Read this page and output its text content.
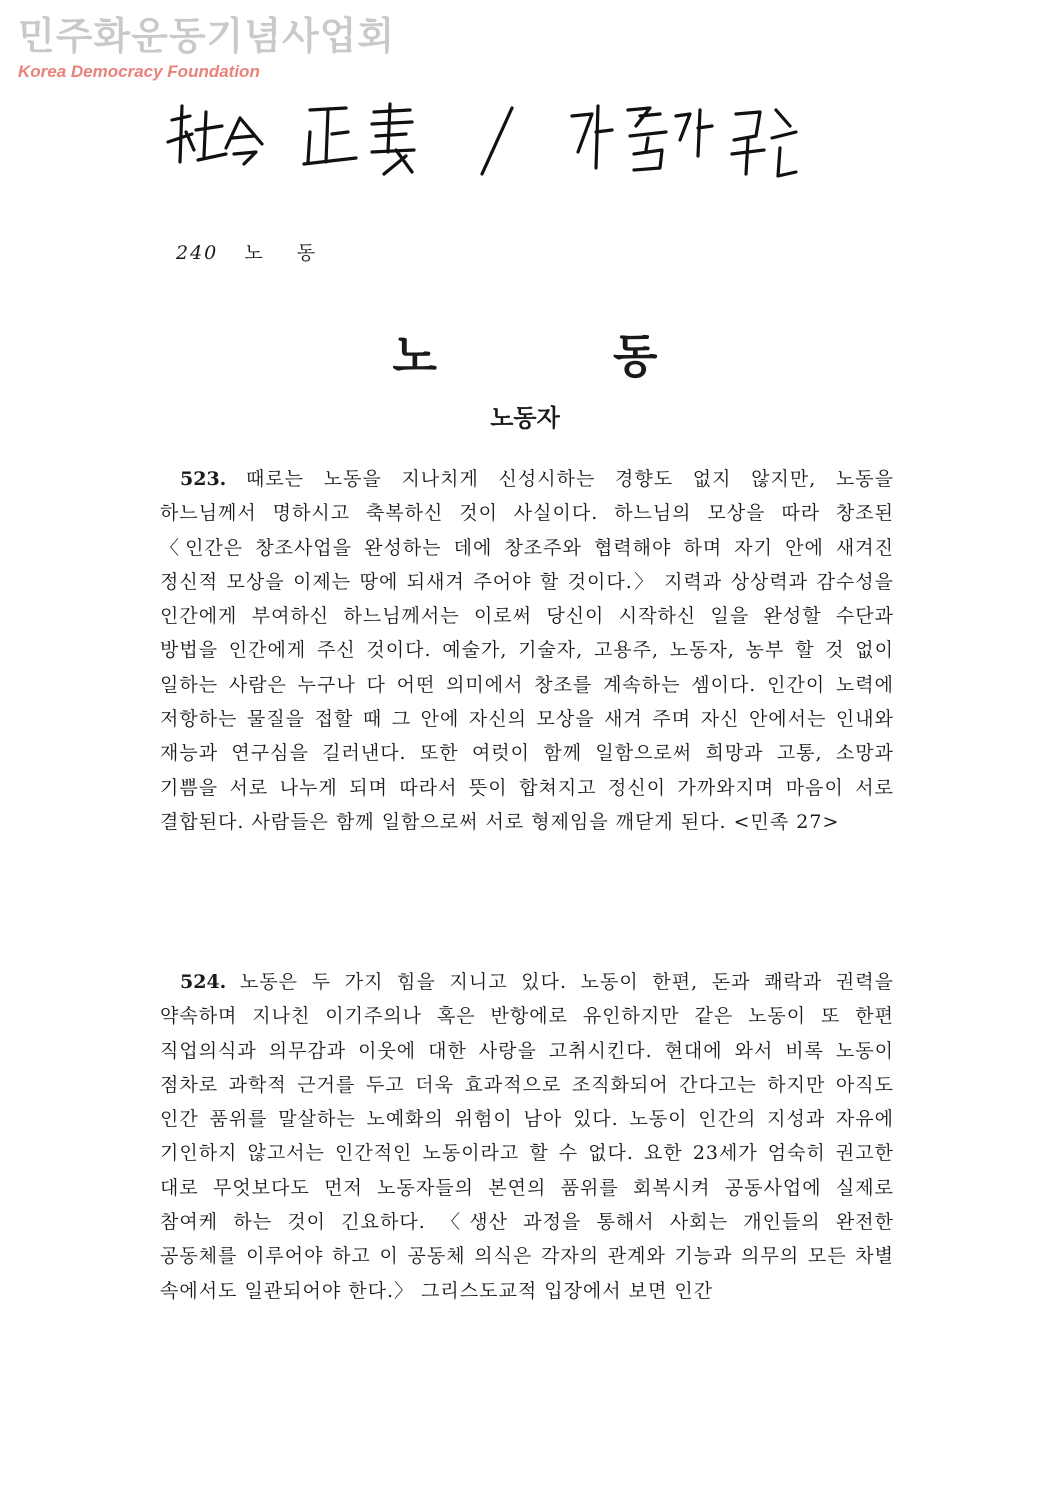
민주화운동기념사업회
Korea Democracy Foundation
240 노 동
노 동
노동자
523. 때로는 노동을 지나치게 신성시하는 경향도 없지 않지만, 노동을 하느님께서 명하시고 축복하신 것이 사실이다. 하느님의 모상을 따라 창조된 〈인간은 창조사업을 완성하는 데에 창조주와 협력해야 하며 자기 안에 새겨진 정신적 모상을 이제는 땅에 되새겨 주어야 할 것이다.〉 지력과 상상력과 감수성을 인간에게 부여하신 하느님께서는 이로써 당신이 시작하신 일을 완성할 수단과 방법을 인간에게 주신 것이다. 예술가, 기술자, 고용주, 노동자, 농부 할 것 없이 일하는 사람은 누구나 다 어떤 의미에서 창조를 계속하는 셈이다. 인간이 노력에 저항하는 물질을 접할 때 그 안에 자신의 모상을 새겨 주며 자신 안에서는 인내와 재능과 연구심을 길러낸다. 또한 여럿이 함께 일함으로써 희망과 고통, 소망과 기쁨을 서로 나누게 되며 따라서 뜻이 합쳐지고 정신이 가까와지며 마음이 서로 결합된다. 사람들은 함께 일함으로써 서로 형제임을 깨닫게 된다. <민족 27>
524. 노동은 두 가지 힘을 지니고 있다. 노동이 한편, 돈과 쾌락과 권력을 약속하며 지나친 이기주의나 혹은 반항에로 유인하지만 같은 노동이 또 한편 직업의식과 의무감과 이웃에 대한 사랑을 고취시킨다. 현대에 와서 비록 노동이 점차로 과학적 근거를 두고 더욱 효과적으로 조직화되어 간다고는 하지만 아직도 인간 품위를 말살하는 노예화의 위험이 남아 있다. 노동이 인간의 지성과 자유에 기인하지 않고서는 인간적인 노동이라고 할 수 없다. 요한 23세가 엄숙히 권고한 대로 무엇보다도 먼저 노동자들의 본연의 품위를 회복시켜 공동사업에 실제로 참여케 하는 것이 긴요하다. 〈생산 과정을 통해서 사회는 개인들의 완전한 공동체를 이루어야 하고 이 공동체 의식은 각자의 관계와 기능과 의무의 모든 차별 속에서도 일관되어야 한다.〉 그리스도교적 입장에서 보면 인간
